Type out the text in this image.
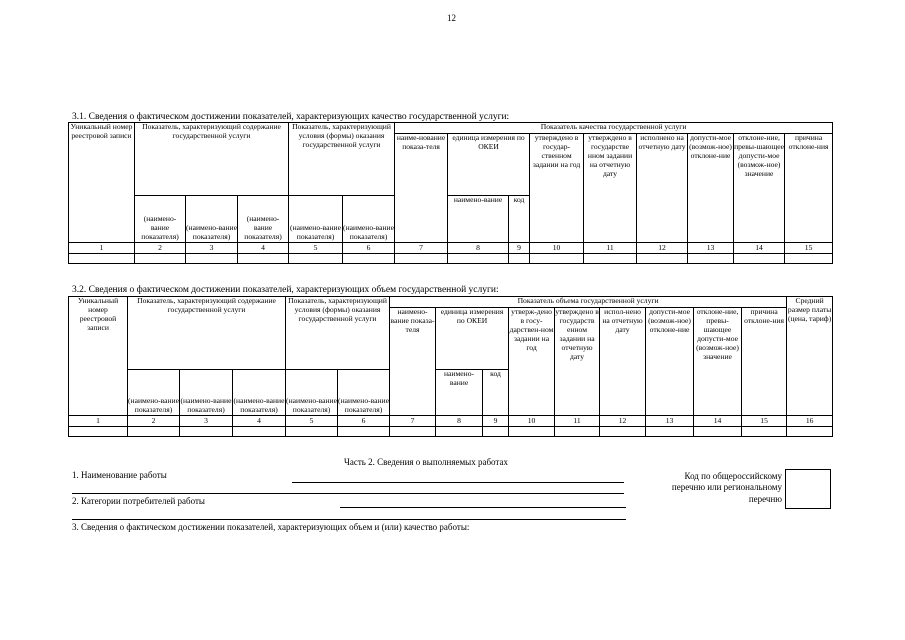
12
3.1. Сведения о фактическом достижении показателей, характеризующих качество государственной услуги:
Уникальный номер реестровой записи	Показатель, характеризующий содержание государственной услуги			Показатель, характеризующий условия (формы) оказания государственной услуги		Показатель качества государственной услуги								
						наиме-нование показа-теля	единица измерения по ОКЕИ		утверждено в государ-ственном задании на год	утверждено в государстве нном задании на отчетную дату	исполнено на отчетную дату	допусти-мое (возмож-ное) отклоне-ние	отклоне-ние, превы-шающее допусти-мое (возмож-ное) значение	причина отклоне-ния
	(наимено-вание показателя)	(наимено-вание показателя)	(наимено-вание показателя)	(наимено-вание показателя)	(наимено-вание показателя)		наимено-вание	код						
1	2	3	4	5	6	7	8	9	10	11	12	13	14	15

3.2. Сведения о фактическом достижении показателей, характеризующих объем государственной услуги:
Уникальный номер реестровой записи	Показатель, характеризующий содержание государственной услуги			Показатель, характеризующий условия (формы) оказания государственной услуги		Показатель объема государственной услуги									Средний размер платы (цена, тариф)
						наимено-вание показа-теля	единица измерения по ОКЕИ		утверж-дено в госу-дарствен-ном задании на год	утверждено в государств енном задании на отчетную дату	испол-нено на отчетную дату	допусти-мое (возмож-ное) отклоне-ние	отклоне-ние, превы-шающее допусти-мое (возмож-ное) значение	причина отклоне-ния	
	(наимено-вание показателя)	(наимено-вание показателя)	(наимено-вание показателя)	(наимено-вание показателя)	(наимено-вание показателя)		наимено-вание	код							
1	2	3	4	5	6	7	8	9	10	11	12	13	14	15	16

Часть 2. Сведения о выполняемых работах
1. Наименование работы
2. Категории потребителей работы
Код по общероссийскому перечню или региональному перечню
3. Сведения о фактическом достижении показателей, характеризующих объем и (или) качество работы:
